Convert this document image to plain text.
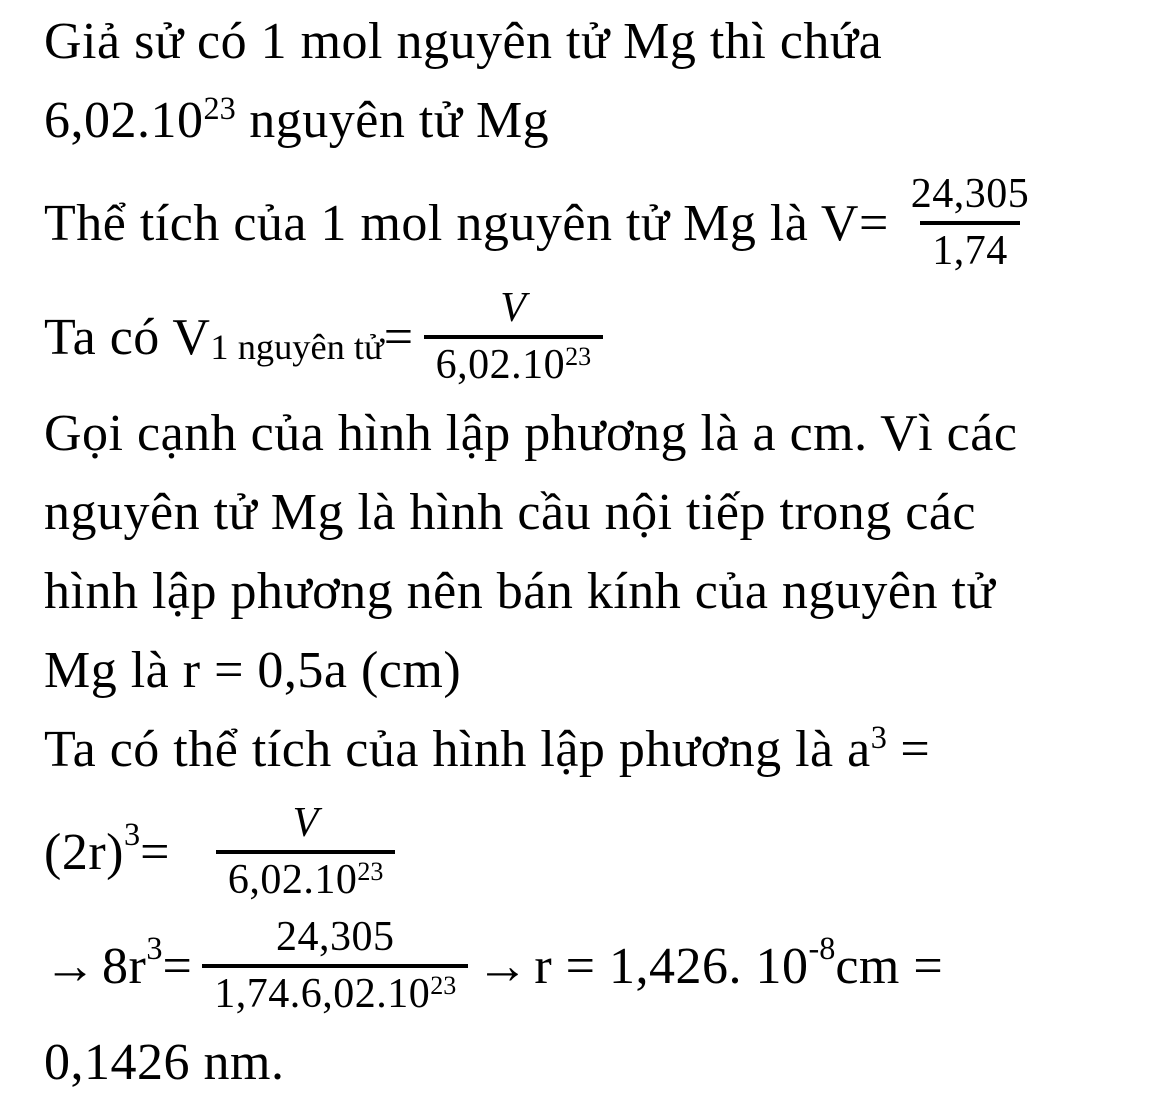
Giả sử có 1 mol nguyên tử Mg thì chứa
6,02.10$^{23}$ nguyên tử Mg
Thể tích của 1 mol nguyên tử Mg là $V= \frac{24,305}{1,74}$
Ta có V 1 nguyên tử = $\frac{V}{6,02.10^{23}}$
Gọi cạnh của hình lập phương là a cm. Vì các
nguyên tử Mg là hình cầu nội tiếp trong các
hình lập phương nên bán kính của nguyên tử
Mg là r = 0,5a (cm)
Ta có thể tích của hình lập phương là $a^3$ =
(2r) $3 = \frac{V}{6,02.10^{23}}$
→ 8r $3 = \frac{24,305}{1,74.6,02.10^{23}} \to r = 1,426$. 10 -8 cm =
0,1426 nm.
